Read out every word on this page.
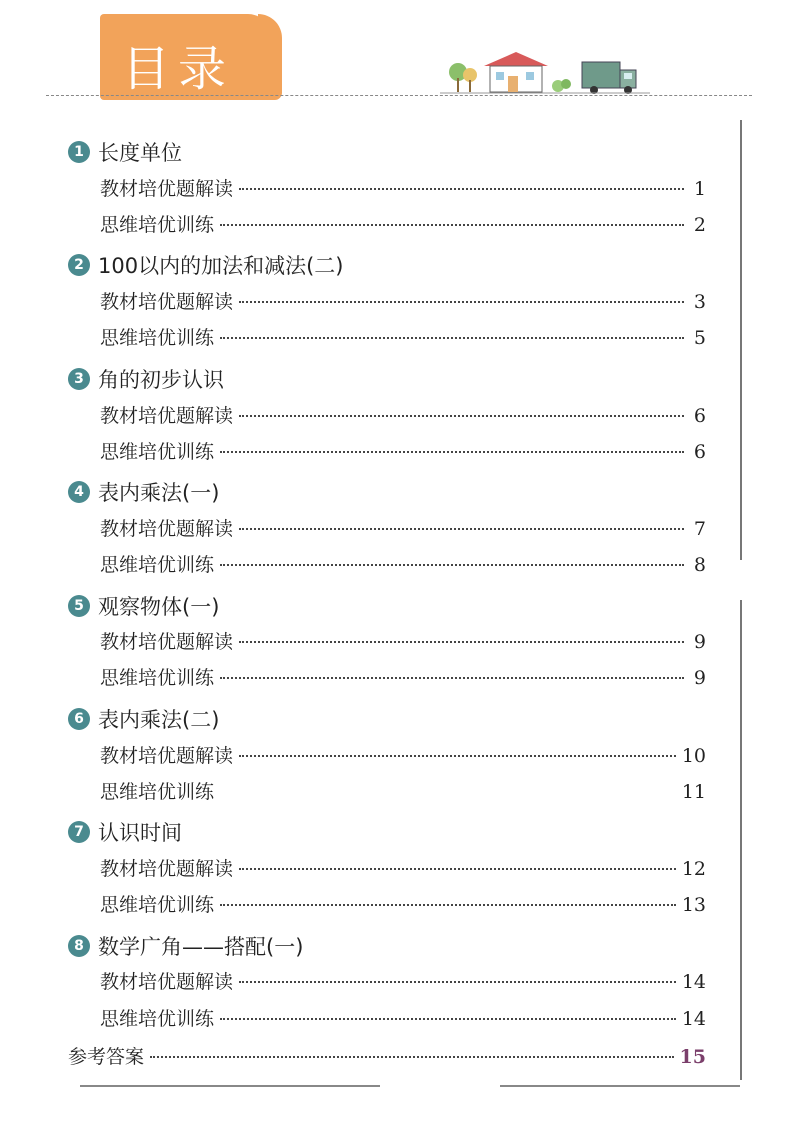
目录
1 长度单位
教材培优题解读	1
思维培优训练	2
2 100以内的加法和减法(二)
教材培优题解读	3
思维培优训练	5
3 角的初步认识
教材培优题解读	6
思维培优训练	6
4 表内乘法(一)
教材培优题解读	7
思维培优训练	8
5 观察物体(一)
教材培优题解读	9
思维培优训练	9
6 表内乘法(二)
教材培优题解读	10
思维培优训练	11
7 认识时间
教材培优题解读	12
思维培优训练	13
8 数学广角——搭配(一)
教材培优题解读	14
思维培优训练	14
参考答案	15
